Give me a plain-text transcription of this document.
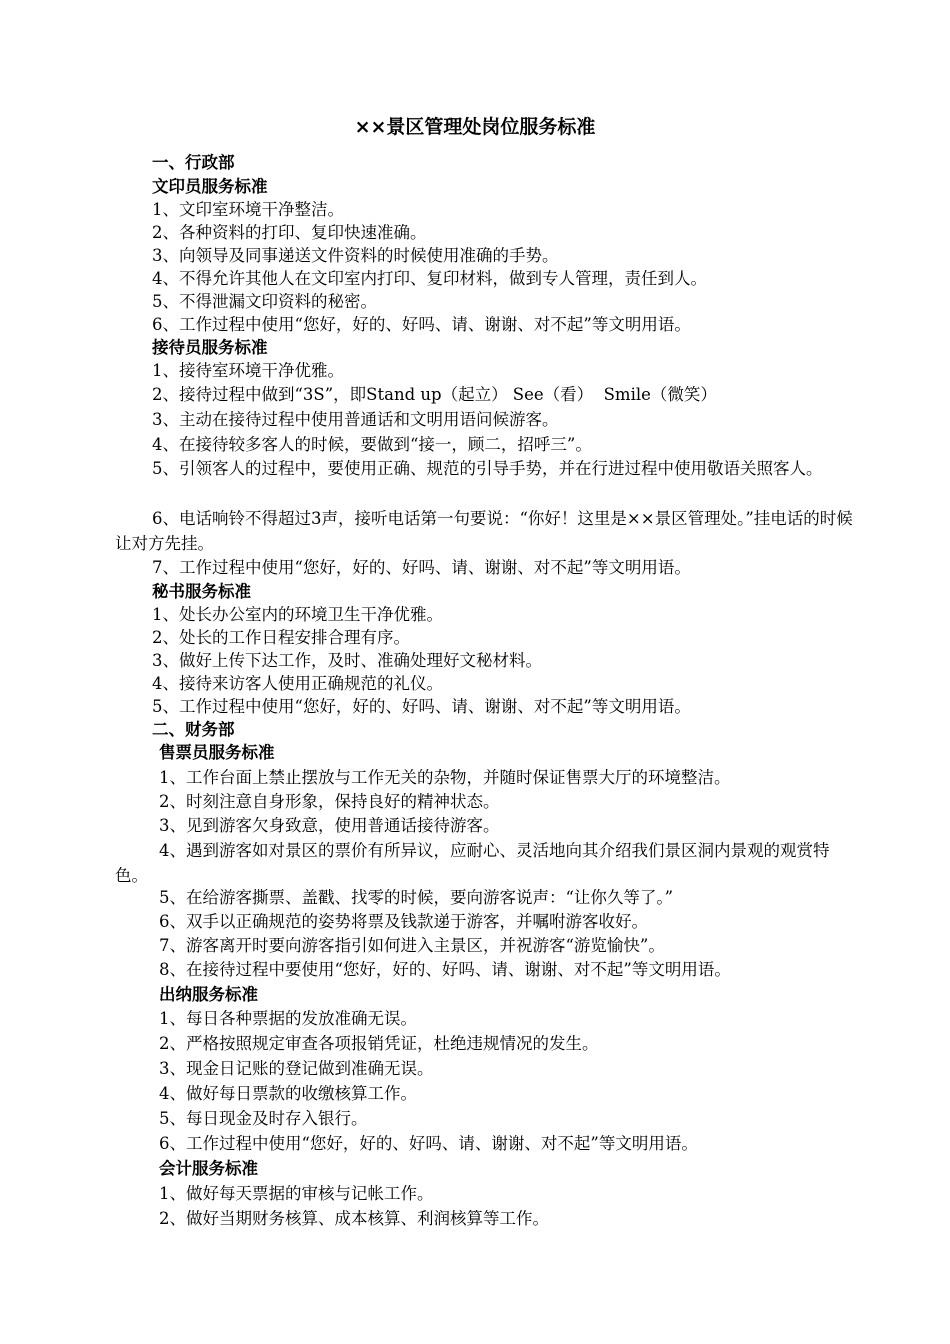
××景区管理处岗位服务标准
一、行政部
文印员服务标准
1、文印室环境干净整洁。
2、各种资料的打印、复印快速准确。
3、向领导及同事递送文件资料的时候使用准确的手势。
4、不得允许其他人在文印室内打印、复印材料，做到专人管理，责任到人。
5、不得泄漏文印资料的秘密。
6、工作过程中使用“您好，好的、好吗、请、谢谢、对不起”等文明用语。
接待员服务标准
1、接待室环境干净优雅。
2、接待过程中做到“3S”，即Stand up（起立） See（看）  Smile（微笑）
3、主动在接待过程中使用普通话和文明用语问候游客。
4、在接待较多客人的时候，要做到“接一，顾二，招呼三”。
5、引领客人的过程中，要使用正确、规范的引导手势，并在行进过程中使用敬语关照客人。
6、电话响铃不得超过3声，接听电话第一句要说：“你好！这里是××景区管理处。”挂电话的时候让对方先挂。
7、工作过程中使用“您好，好的、好吗、请、谢谢、对不起”等文明用语。
秘书服务标准
1、处长办公室内的环境卫生干净优雅。
2、处长的工作日程安排合理有序。
3、做好上传下达工作，及时、准确处理好文秘材料。
4、接待来访客人使用正确规范的礼仪。
5、工作过程中使用“您好，好的、好吗、请、谢谢、对不起”等文明用语。
二、财务部
售票员服务标准
1、工作台面上禁止摆放与工作无关的杂物，并随时保证售票大厅的环境整洁。
2、时刻注意自身形象，保持良好的精神状态。
3、见到游客欠身致意，使用普通话接待游客。
4、遇到游客如对景区的票价有所异议，应耐心、灵活地向其介绍我们景区洞内景观的观赏特色。
5、在给游客撕票、盖戳、找零的时候，要向游客说声：“让你久等了。”
6、双手以正确规范的姿势将票及钱款递于游客，并嘱咐游客收好。
7、游客离开时要向游客指引如何进入主景区，并祝游客“游览愉快”。
8、在接待过程中要使用“您好，好的、好吗、请、谢谢、对不起”等文明用语。
出纳服务标准
1、每日各种票据的发放准确无误。
2、严格按照规定审查各项报销凭证，杜绝违规情况的发生。
3、现金日记账的登记做到准确无误。
4、做好每日票款的收缴核算工作。
5、每日现金及时存入银行。
6、工作过程中使用“您好，好的、好吗、请、谢谢、对不起”等文明用语。
会计服务标准
1、做好每天票据的审核与记帐工作。
2、做好当期财务核算、成本核算、利润核算等工作。
